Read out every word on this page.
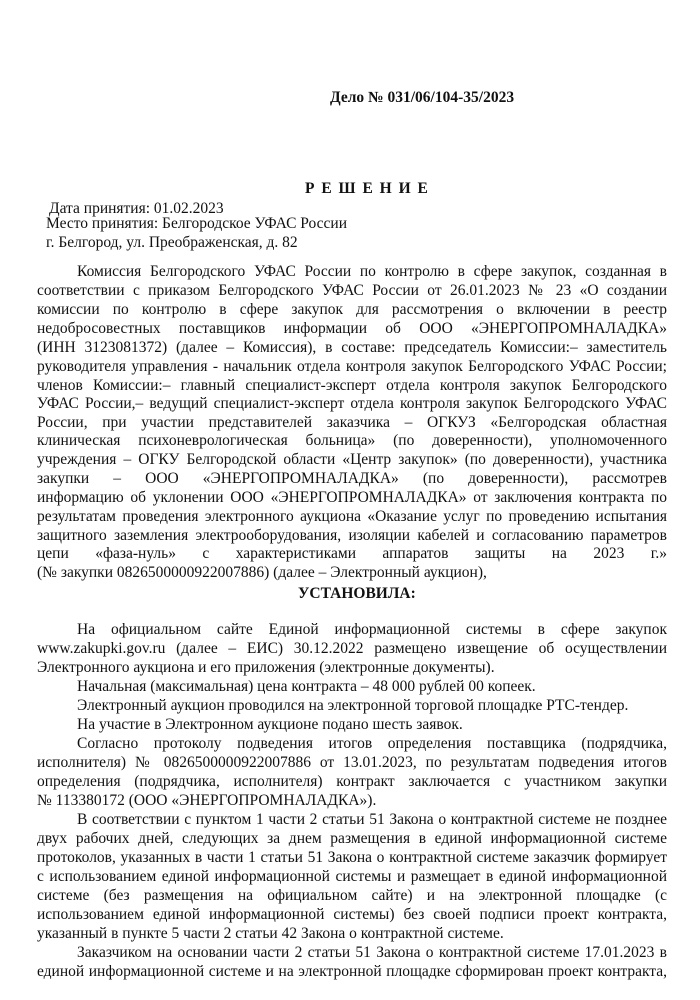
Дело № 031/06/104-35/2023
Р Е Ш Е Н И Е
Дата принятия: 01.02.2023
Место принятия: Белгородское УФАС России
г. Белгород, ул. Преображенская, д. 82
Комиссия Белгородского УФАС России по контролю в сфере закупок, созданная в
соответствии с приказом Белгородского УФАС России от 26.01.2023 № 23 «О создании
комиссии по контролю в сфере закупок для рассмотрения о включении в реестр
недобросовестных поставщиков информации об ООО «ЭНЕРГОПРОМНАЛАДКА»
(ИНН 3123081372) (далее – Комиссия), в составе: председатель Комиссии:– заместитель
руководителя управления - начальник отдела контроля закупок Белгородского УФАС России;
членов Комиссии:– главный специалист-эксперт отдела контроля закупок Белгородского
УФАС России,– ведущий специалист-эксперт отдела контроля закупок Белгородского УФАС
России, при участии представителей заказчика – ОГКУЗ «Белгородская областная
клиническая психоневрологическая больница» (по доверенности), уполномоченного
учреждения – ОГКУ Белгородской области «Центр закупок» (по доверенности), участника
закупки – ООО «ЭНЕРГОПРОМНАЛАДКА» (по доверенности), рассмотрев
информацию об уклонении ООО «ЭНЕРГОПРОМНАЛАДКА» от заключения контракта по
результатам проведения электронного аукциона «Оказание услуг по проведению испытания
защитного заземления электрооборудования, изоляции кабелей и согласованию параметров
цепи «фаза-нуль» с характеристиками аппаратов защиты на 2023 г.»
(№ закупки 0826500000922007886) (далее – Электронный аукцион),
УСТАНОВИЛА:
На официальном сайте Единой информационной системы в сфере закупок
www.zakupki.gov.ru (далее – ЕИС) 30.12.2022 размещено извещение об осуществлении
Электронного аукциона и его приложения (электронные документы).
Начальная (максимальная) цена контракта – 48 000 рублей 00 копеек.
Электронный аукцион проводился на электронной торговой площадке РТС-тендер.
На участие в Электронном аукционе подано шесть заявок.
Согласно протоколу подведения итогов определения поставщика (подрядчика,
исполнителя) № 0826500000922007886 от 13.01.2023, по результатам подведения итогов
определения (подрядчика, исполнителя) контракт заключается с участником закупки
№ 113380172 (ООО «ЭНЕРГОПРОМНАЛАДКА»).
В соответствии с пунктом 1 части 2 статьи 51 Закона о контрактной системе не позднее
двух рабочих дней, следующих за днем размещения в единой информационной системе
протоколов, указанных в части 1 статьи 51 Закона о контрактной системе заказчик формирует
с использованием единой информационной системы и размещает в единой информационной
системе (без размещения на официальном сайте) и на электронной площадке (с
использованием единой информационной системы) без своей подписи проект контракта,
указанный в пункте 5 части 2 статьи 42 Закона о контрактной системе.
Заказчиком на основании части 2 статьи 51 Закона о контрактной системе 17.01.2023 в
единой информационной системе и на электронной площадке сформирован проект контракта,
